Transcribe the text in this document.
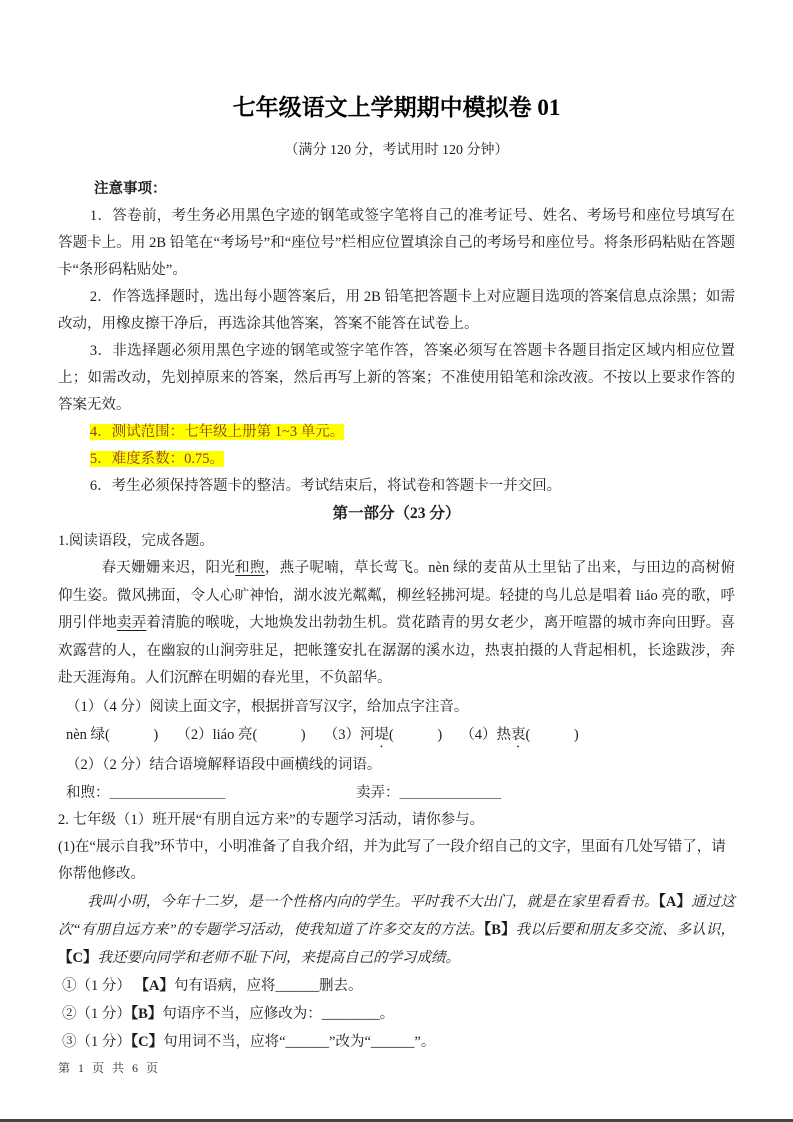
七年级语文上学期期中模拟卷 01

（满分 120 分，考试用时 120 分钟）

注意事项：

1．答卷前，考生务必用黑色字迹的钢笔或签字笔将自己的准考证号、姓名、考场号和座位号填写在答题卡上。用 2B 铅笔在“考场号”和“座位号”栏相应位置填涂自己的考场号和座位号。将条形码粘贴在答题卡“条形码粘贴处”。

2．作答选择题时，选出每小题答案后，用 2B 铅笔把答题卡上对应题目选项的答案信息点涂黑；如需改动，用橡皮擦干净后，再选涂其他答案，答案不能答在试卷上。

3．非选择题必须用黑色字迹的钢笔或签字笔作答，答案必须写在答题卡各题目指定区域内相应位置上；如需改动，先划掉原来的答案，然后再写上新的答案；不准使用铅笔和涂改液。不按以上要求作答的答案无效。

4．测试范围：七年级上册第 1~3 单元。

5．难度系数：0.75。

6．考生必须保持答题卡的整洁。考试结束后，将试卷和答题卡一并交回。

第一部分（23 分）

1.阅读语段，完成各题。

春天姗姗来迟，阳光和煦，燕子呢喃，草长莺飞。nèn 绿的麦苗从土里钻了出来，与田边的高树俯仰生姿。微风拂面，令人心旷神怡，湖水波光粼粼，柳丝轻拂河堤。轻捷的鸟儿总是唱着 liáo 亮的歌，呼朋引伴地卖弄着清脆的喉咙，大地焕发出勃勃生机。赏花踏青的男女老少，离开喧嚣的城市奔向田野。喜欢露营的人，在幽寂的山涧旁驻足，把帐篷安扎在潺潺的溪水边，热衷拍摄的人背起相机，长途跋涉，奔赴天涯海角。人们沉醉在明媚的春光里，不负韶华。

（1）（4 分）阅读上面文字，根据拼音写汉字，给加点字注音。

nèn 绿(　　　)　 （2）liáo 亮(　　　)　 （3）河堤(　　　)　 （4）热衷(　　　)

（2）（2 分）结合语境解释语段中画横线的词语。

和煦：＿＿＿＿＿＿＿＿　　　　　　　　　卖弄：＿＿＿＿＿＿＿

2. 七年级（1）班开展“有朋自远方来”的专题学习活动，请你参与。

(1)在“展示自我”环节中，小明准备了自我介绍，并为此写了一段介绍自己的文字，里面有几处写错了，请你帮他修改。

我叫小明，今年十二岁，是一个性格内向的学生。平时我不大出门，就是在家里看看书。【A】通过这次“有朋自远方来”的专题学习活动，使我知道了许多交友的方法。【B】我以后要和朋友多交流、多认识，【C】我还要向同学和老师不耻下问，来提高自己的学习成绩。

①（1 分） 【A】句有语病，应将______删去。

②（1 分）【B】句语序不当，应修改为：________。

③（1 分）【C】句用词不当，应将“______”改为“______”。

第 1 页 共 6 页
